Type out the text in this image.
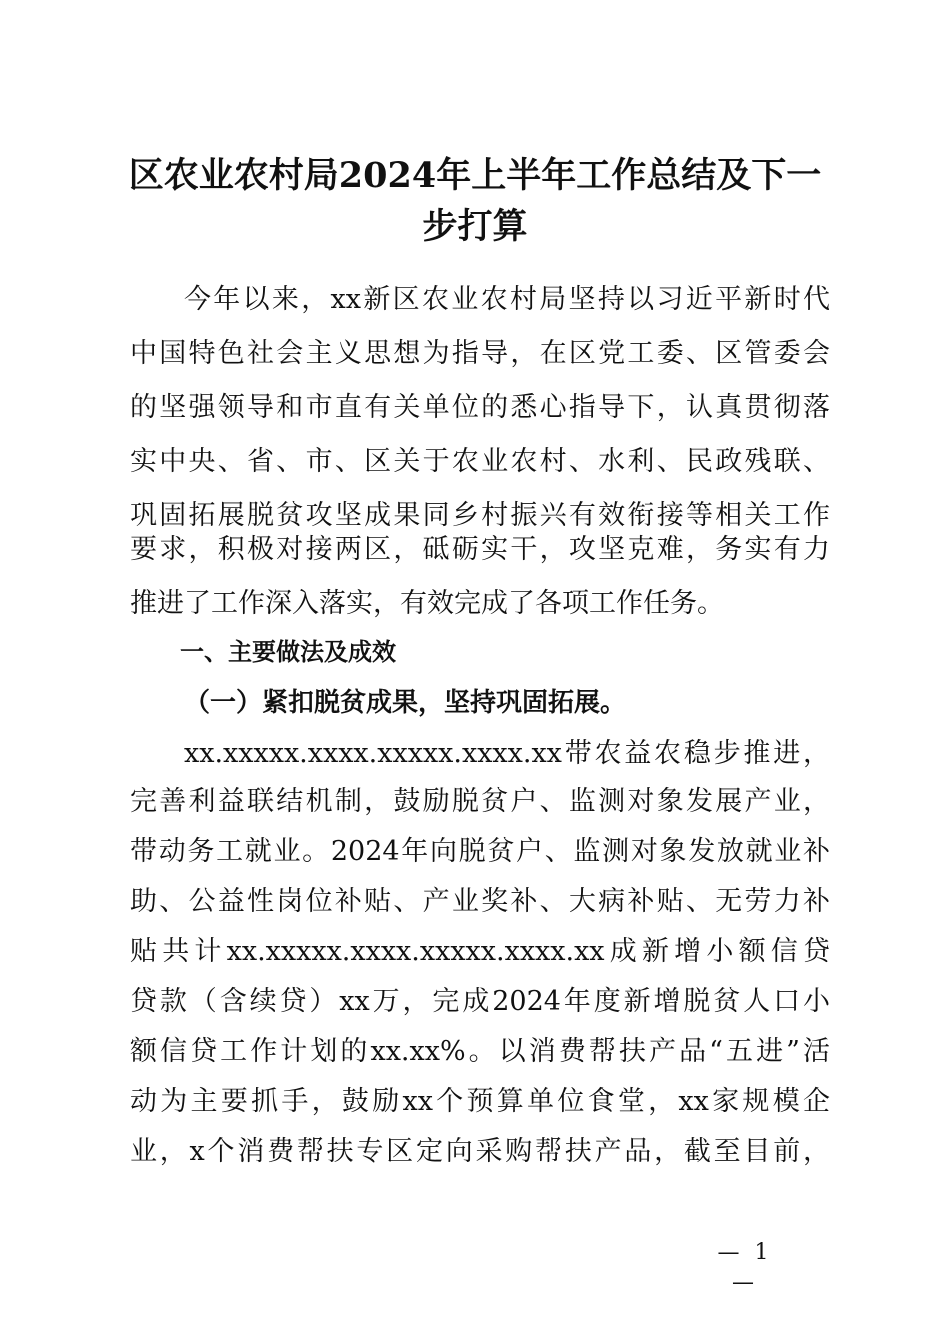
区农业农村局2024年上半年工作总结及下一
步打算

今年以来，xx新区农业农村局坚持以习近平新时代

中国特色社会主义思想为指导，在区党工委、区管委会

的坚强领导和市直有关单位的悉心指导下，认真贯彻落

实中央、省、市、区关于农业农村、水利、民政残联、

巩固拓展脱贫攻坚成果同乡村振兴有效衔接等相关工作

要求，积极对接两区，砥砺实干，攻坚克难，务实有力

推进了工作深入落实，有效完成了各项工作任务。

一、主要做法及成效
（一）紧扣脱贫成果，坚持巩固拓展。

xx.xxxxx.xxxx.xxxxx.xxxx.xx带农益农稳步推进，

完善利益联结机制，鼓励脱贫户、监测对象发展产业，

带动务工就业。2024年向脱贫户、监测对象发放就业补

助、公益性岗位补贴、产业奖补、大病补贴、无劳力补

贴共计xx.xxxxx.xxxx.xxxxx.xxxx.xx成新增小额信贷

贷款（含续贷）xx万，完成2024年度新增脱贫人口小

额信贷工作计划的xx.xx%。以消费帮扶产品“五进”活

动为主要抓手，鼓励xx个预算单位食堂，xx家规模企

业，x个消费帮扶专区定向采购帮扶产品，截至目前，

— 1 —
